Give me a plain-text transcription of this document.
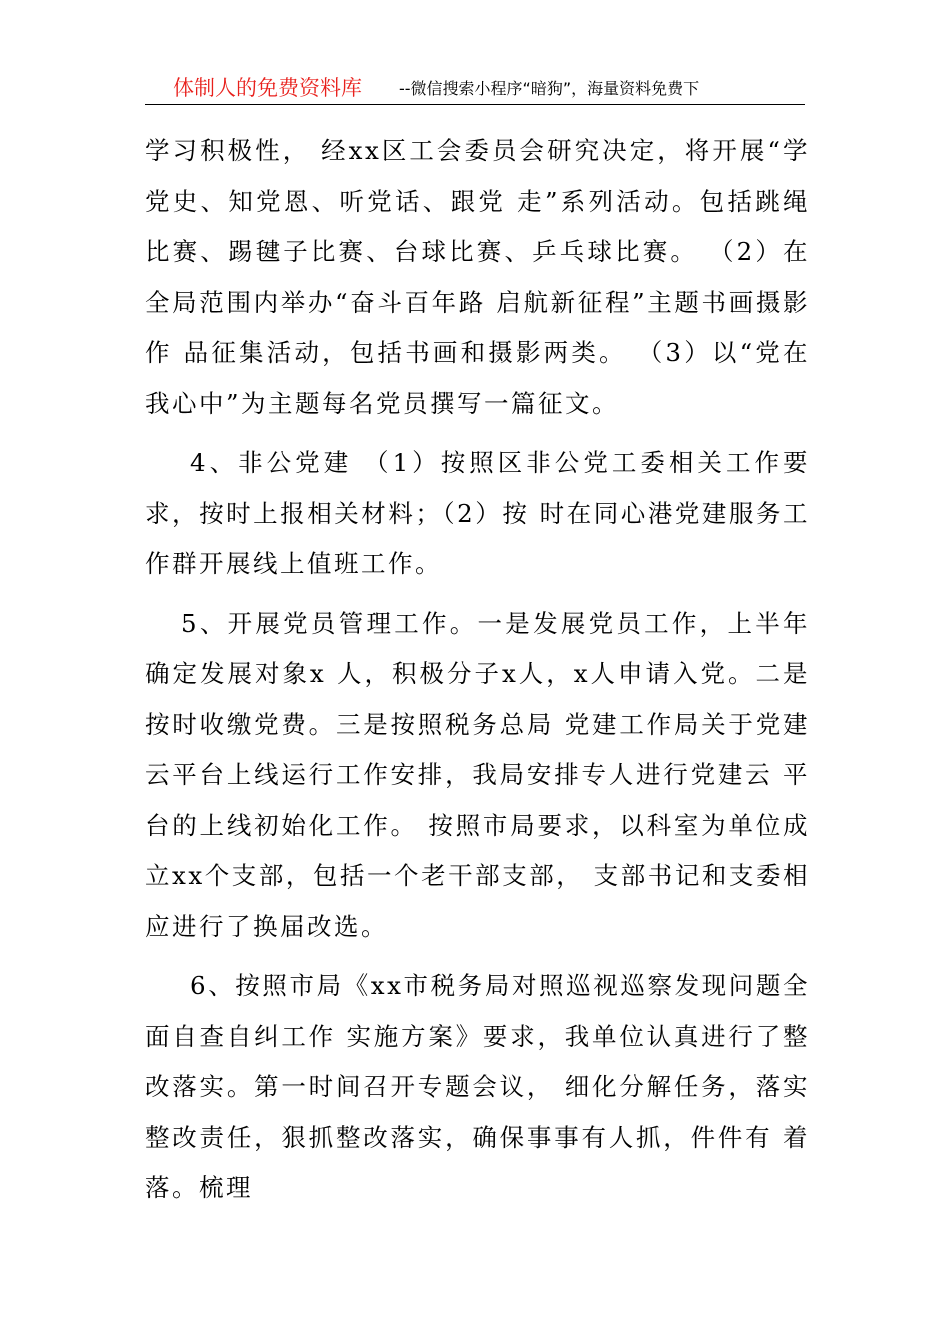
体制人的免费资料库 --微信搜索小程序“暗狗”，海量资料免费下

学习积极性， 经xx区工会委员会研究决定，将开展“学党史、知党恩、听党话、跟党 走”系列活动。包括跳绳比赛、踢毽子比赛、台球比赛、乒乓球比赛。 （2）在全局范围内举办“奋斗百年路 启航新征程”主题书画摄影作 品征集活动，包括书画和摄影两类。 （3）以“党在我心中”为主题每名党员撰写一篇征文。

4、非公党建 （1）按照区非公党工委相关工作要求，按时上报相关材料；（2）按 时在同心港党建服务工作群开展线上值班工作。

5、开展党员管理工作。一是发展党员工作，上半年确定发展对象x 人，积极分子x人，x人申请入党。二是按时收缴党费。三是按照税务总局 党建工作局关于党建云平台上线运行工作安排，我局安排专人进行党建云 平台的上线初始化工作。 按照市局要求，以科室为单位成立xx个支部，包括一个老干部支部， 支部书记和支委相应进行了换届改选。

6、按照市局《xx市税务局对照巡视巡察发现问题全面自查自纠工作 实施方案》要求，我单位认真进行了整改落实。第一时间召开专题会议， 细化分解任务，落实整改责任，狠抓整改落实，确保事事有人抓，件件有 着落。梳理
